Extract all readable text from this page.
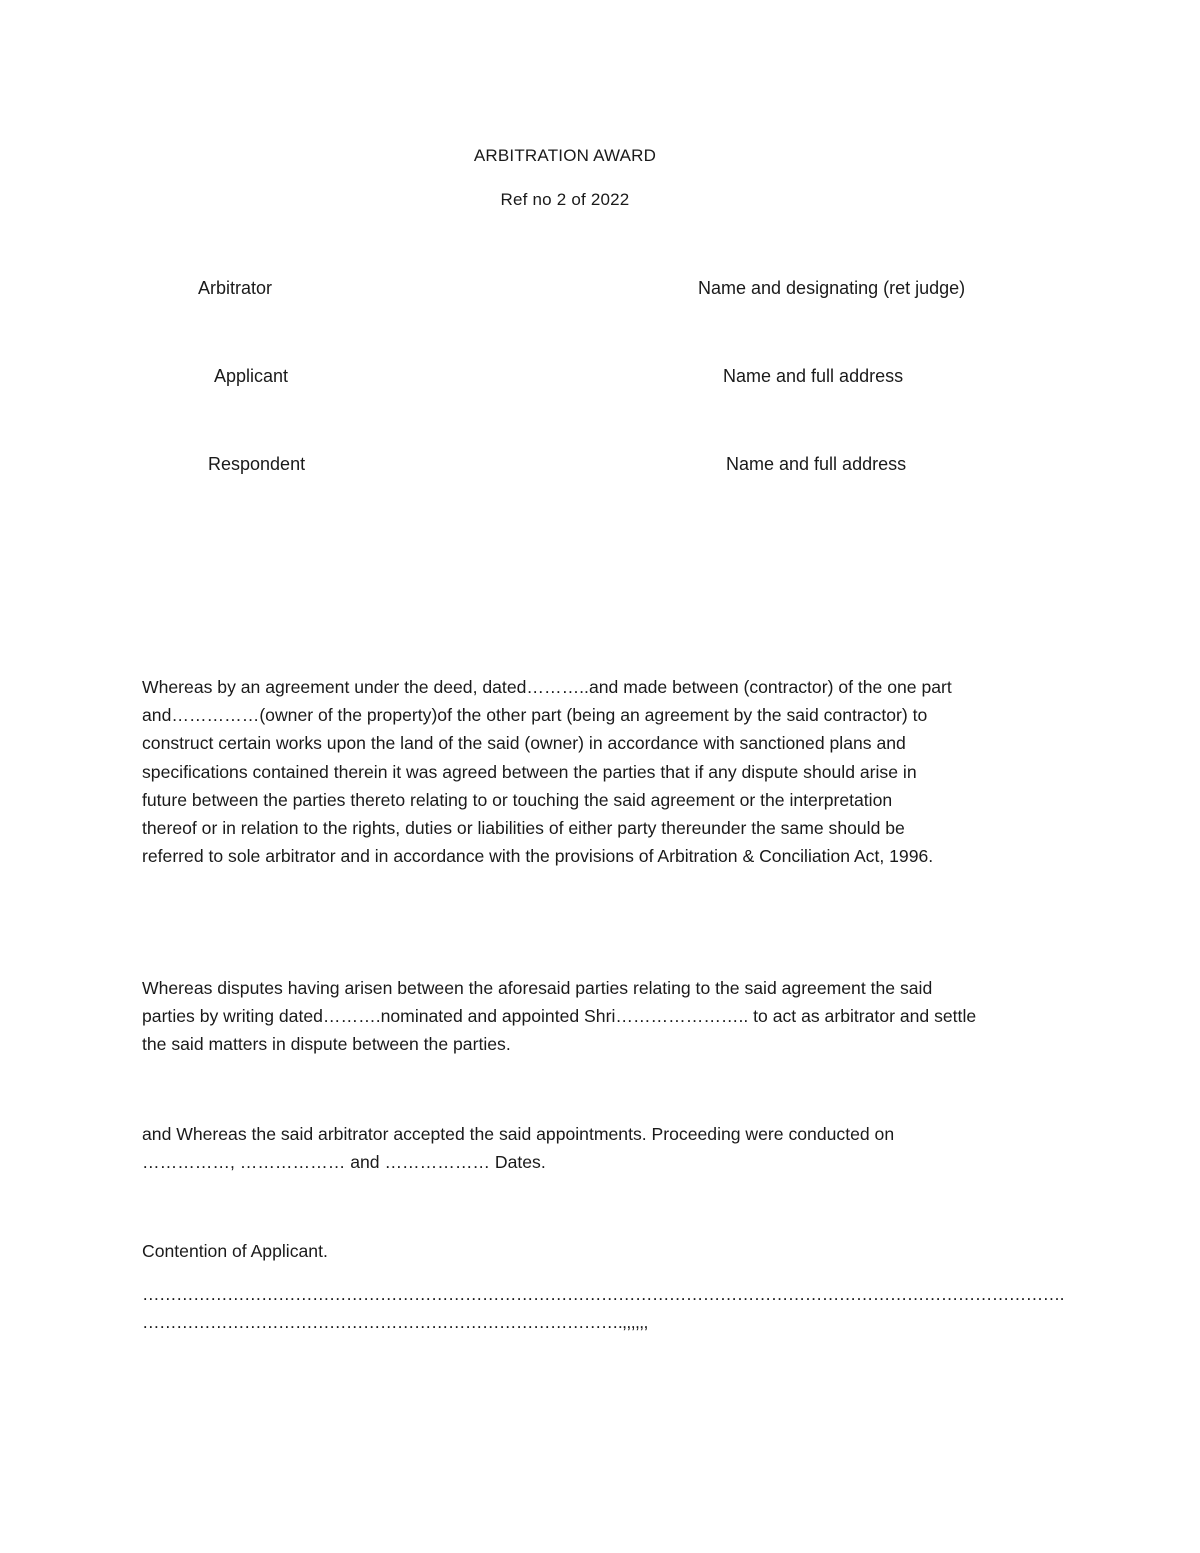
ARBITRATION AWARD
Ref no 2 of 2022
Arbitrator	Name and designating (ret judge)
Applicant	Name and full address
Respondent	Name and full address
Whereas by an agreement under the deed, dated………..and made between (contractor) of the one part
and……………(owner of the property)of the other part (being an agreement by the said contractor) to
construct certain works upon the land of the said (owner) in accordance with sanctioned plans and
specifications contained therein it was agreed between the parties that if any dispute should arise in
future between the parties thereto relating to or touching the said agreement or the interpretation
thereof or in relation to the rights, duties or liabilities of either party thereunder the same should be
referred to sole arbitrator and in accordance with the provisions of Arbitration & Conciliation Act, 1996.
Whereas disputes having arisen between the aforesaid parties relating to the said agreement the said
parties by writing dated……….nominated and appointed Shri………………….. to act as arbitrator and settle
the said matters in dispute between the parties.
and Whereas the said arbitrator accepted the said appointments. Proceeding were conducted on
……………, ……………… and ……………… Dates.
Contention of Applicant.
……………………………………………………………………………………………………………………………………………….
………………………………………………………………………….,,,,,,
